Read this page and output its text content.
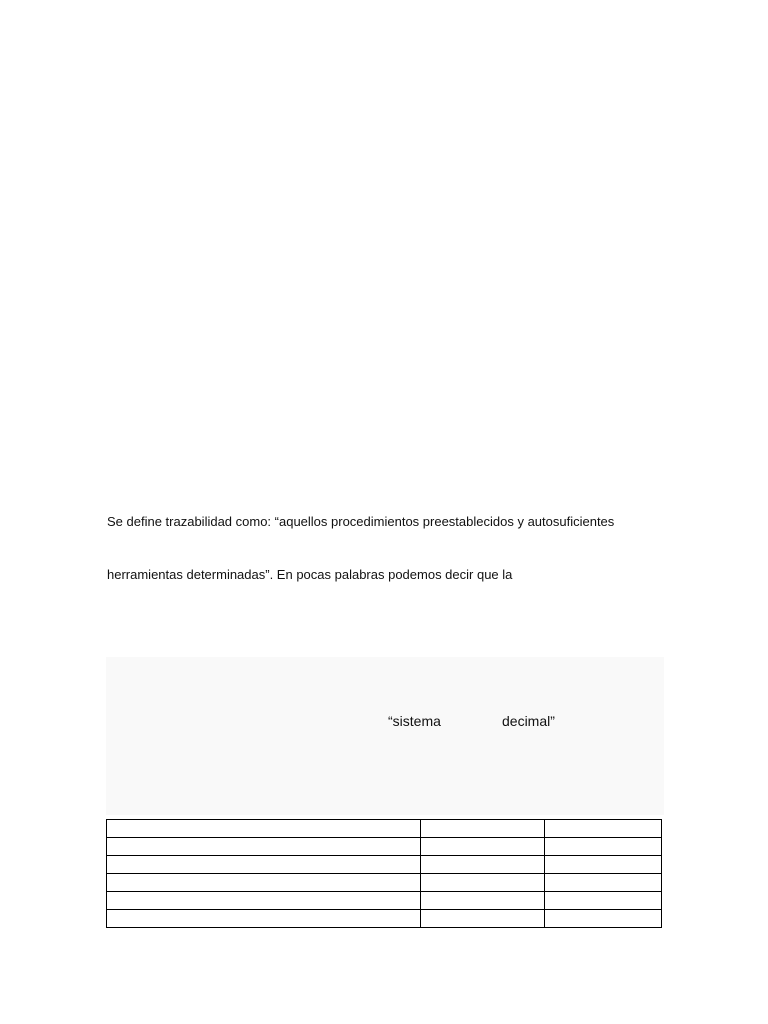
Se define trazabilidad como: “aquellos procedimientos preestablecidos y autosuficientes
herramientas determinadas”. En pocas palabras podemos decir que la
“sistema	decimal”
